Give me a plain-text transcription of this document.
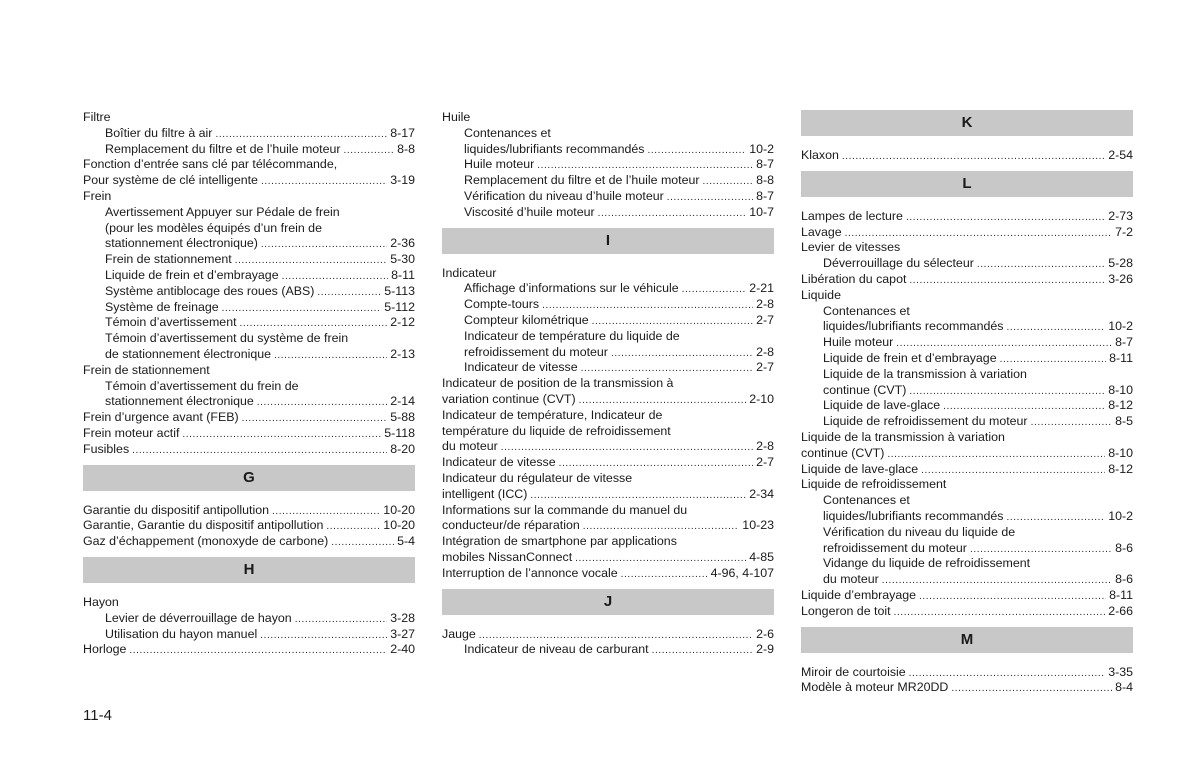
Filtre
Boîtier du filtre à air .....	8-17
Remplacement du filtre et de l’huile moteur .....	8-8
Fonction d’entrée sans clé par télécommande,
Pour système de clé intelligente .....	3-19
Frein
Avertissement Appuyer sur Pédale de frein
(pour les modèles équipés d’un frein de
stationnement électronique) .....	2-36
Frein de stationnement .....	5-30
Liquide de frein et d’embrayage .....	8-11
Système antiblocage des roues (ABS) .....	5-113
Système de freinage .....	5-112
Témoin d’avertissement .....	2-12
Témoin d’avertissement du système de frein
de stationnement électronique .....	2-13
Frein de stationnement
Témoin d’avertissement du frein de
stationnement électronique .....	2-14
Frein d’urgence avant (FEB) .....	5-88
Frein moteur actif .....	5-118
Fusibles .....	8-20
G
Garantie du dispositif antipollution .....	10-20
Garantie, Garantie du dispositif antipollution .....	10-20
Gaz d’échappement (monoxyde de carbone) .....	5-4
H
Hayon
Levier de déverrouillage de hayon .....	3-28
Utilisation du hayon manuel .....	3-27
Horloge .....	2-40
Huile
Contenances et
liquides/lubrifiants recommandés .....	10-2
Huile moteur .....	8-7
Remplacement du filtre et de l’huile moteur .....	8-8
Vérification du niveau d’huile moteur .....	8-7
Viscosité d’huile moteur .....	10-7
I
Indicateur
Affichage d’informations sur le véhicule .....	2-21
Compte-tours .....	2-8
Compteur kilométrique .....	2-7
Indicateur de température du liquide de
refroidissement du moteur .....	2-8
Indicateur de vitesse .....	2-7
Indicateur de position de la transmission à
variation continue (CVT) .....	2-10
Indicateur de température, Indicateur de
température du liquide de refroidissement
du moteur .....	2-8
Indicateur de vitesse .....	2-7
Indicateur du régulateur de vitesse
intelligent (ICC) .....	2-34
Informations sur la commande du manuel du
conducteur/de réparation .....	10-23
Intégration de smartphone par applications
mobiles NissanConnect .....	4-85
Interruption de l’annonce vocale .....	4-96, 4-107
J
Jauge .....	2-6
Indicateur de niveau de carburant .....	2-9
K
Klaxon .....	2-54
L
Lampes de lecture .....	2-73
Lavage .....	7-2
Levier de vitesses
Déverrouillage du sélecteur .....	5-28
Libération du capot .....	3-26
Liquide
Contenances et
liquides/lubrifiants recommandés .....	10-2
Huile moteur .....	8-7
Liquide de frein et d’embrayage .....	8-11
Liquide de la transmission à variation
continue (CVT) .....	8-10
Liquide de lave-glace .....	8-12
Liquide de refroidissement du moteur .....	8-5
Liquide de la transmission à variation
continue (CVT) .....	8-10
Liquide de lave-glace .....	8-12
Liquide de refroidissement
Contenances et
liquides/lubrifiants recommandés .....	10-2
Vérification du niveau du liquide de
refroidissement du moteur .....	8-6
Vidange du liquide de refroidissement
du moteur .....	8-6
Liquide d’embrayage .....	8-11
Longeron de toit .....	2-66
M
Miroir de courtoisie .....	3-35
Modèle à moteur MR20DD .....	8-4
11-4
